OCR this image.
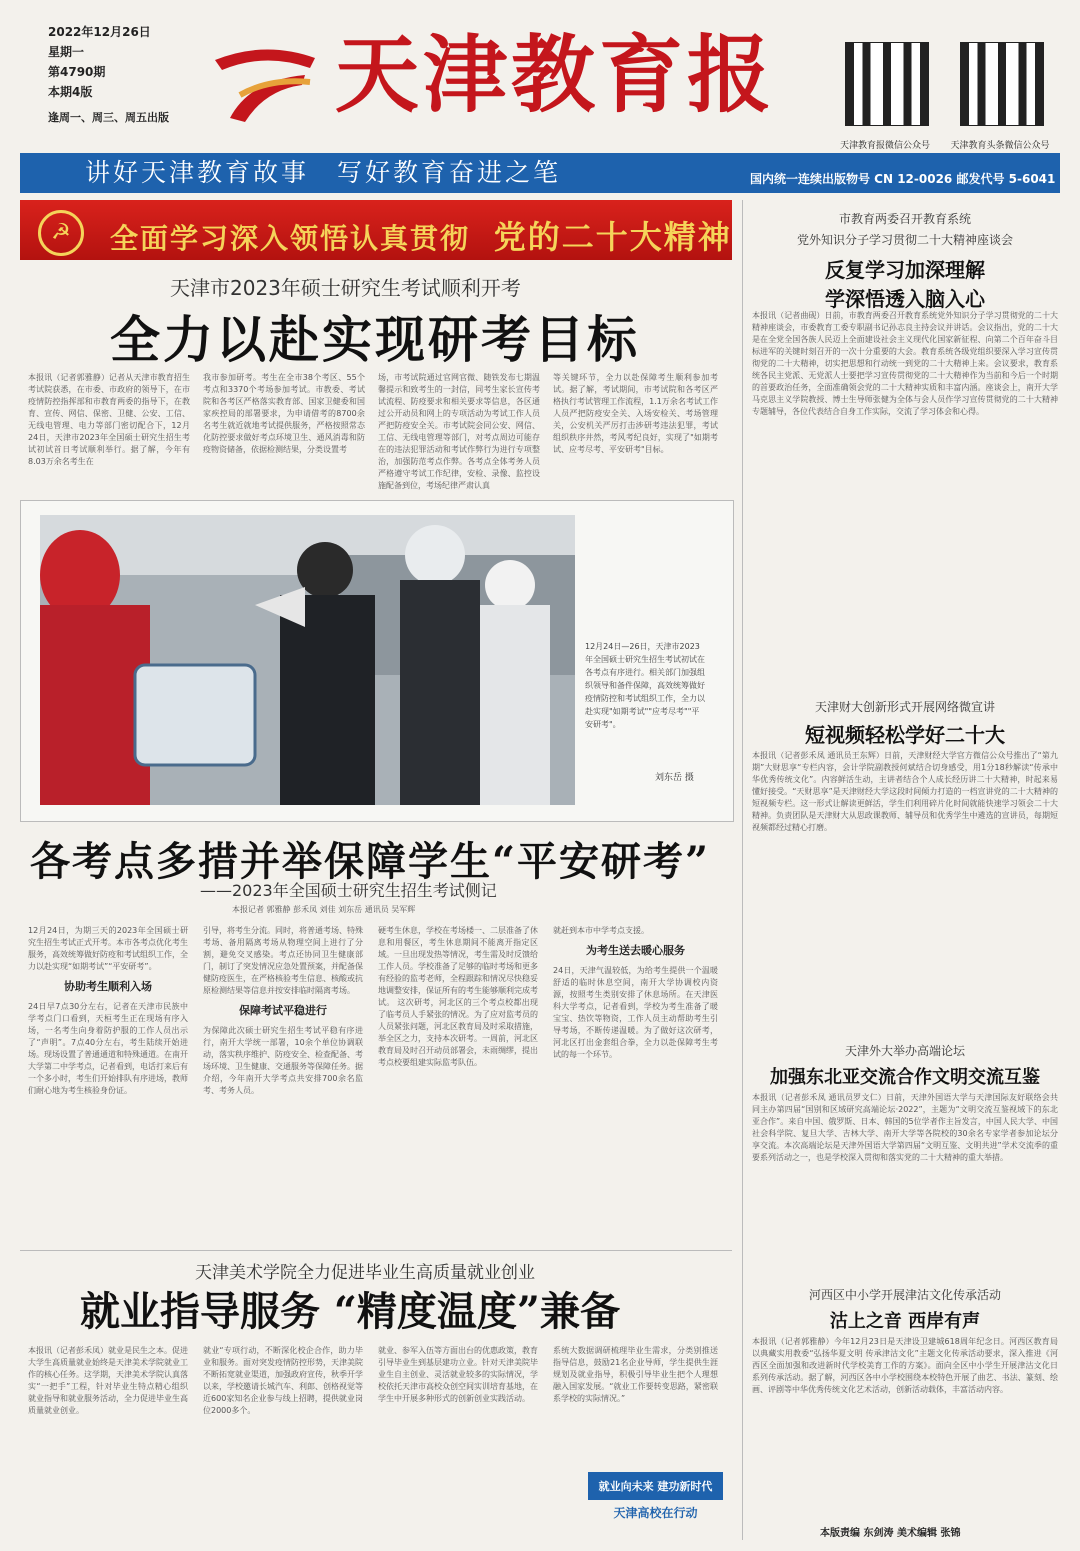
2022年12月26日
星期一
第4790期
本期4版
逢周一、周三、周五出版	天津教育报
天津教育报微信公众号	天津教育头条微信公众号
讲好天津教育故事　写好教育奋进之笔	国内统一连续出版物号 CN 12-0026 邮发代号 5-6041
☭	全面学习深入领悟认真贯彻 党的二十大精神
天津市2023年硕士研究生考试顺利开考
全力以赴实现研考目标
本报讯（记者郭雅静）记者从天津市教育招生考试院获悉，在市委、市政府的领导下，在市疫情防控指挥部和市教育两委的指导下，在教育、宣传、网信、保密、卫健、公安、工信、无线电管理、电力等部门密切配合下，12月24日，天津市2023年全国硕士研究生招生考试初试首日考试顺利举行。据了解，今年有8.03万余名考生在
我市参加研考。考生在全市38个考区、55个考点和3370个考场参加考试。市教委、考试院和各考区严格落实教育部、国家卫健委和国家疾控局的部署要求，为申请借考的8700余名考生就近就地考试提供服务，严格按照常态化防控要求做好考点环境卫生、通风消毒和防疫物资储备，依据检测结果，分类设置考
场，市考试院通过官网官微、随铁发布七期温馨提示和致考生的一封信，同考生家长宣传考试流程、防疫要求和相关要求等信息，各区通过公开动员和网上的专项活动为考试工作人员严把防疫安全关。市考试院会同公安、网信、工信、无线电管理等部门，对考点周边可能存在的违法犯罪活动和考试作弊行为进行专项整治，加强防范考点作弊。各考点全体考务人员严格遵守考试工作纪律，安检、录像、监控设施配备到位，考场纪律严肃认真
等关键环节，全力以赴保障考生顺利参加考试。据了解，考试期间，市考试院和各考区严格执行考试管理工作流程，1.1万余名考试工作人员严把防疫安全关、入场安检关、考场管理关，公安机关严厉打击涉研考违法犯罪，考试组织秩序井然，考风考纪良好，实现了"如期考试、应考尽考、平安研考"目标。
12月24日—26日，天津市2023年全国硕士研究生招生考试初试在各考点有序进行。相关部门加强组织领导和备件保障，高效统筹做好疫情防控和考试组织工作，全力以赴实现"如期考试""应考尽考""平安研考"。
刘东岳 摄
各考点多措并举保障学生“平安研考”
——2023年全国硕士研究生招生考试侧记
本报记者 郭雅静 彭禾凤 刘佳 刘东岳 通讯员 吴军辉
12月24日，为期三天的2023年全国硕士研究生招生考试正式开考。本市各考点优化考生服务，高效统筹做好防疫和考试组织工作，全力以赴实现“如期考试”“平安研考”。
协助考生顺利入场
24日早7点30分左右，记者在天津市民族中学考点门口看到，天桓考生正在现场有序入场，一名考生向身着防护服的工作人员出示了“声明”。7点40分左右，考生陆续开始进场。现场设置了普通通道和特殊通道。在南开大学第二中学考点，记者看到，电话打来后有一个多小时，考生们开始排队有序进场，教师们耐心地为考生核验身份证。
引导，将考生分流。同时，将普通考场、特殊考场、备用隔离考场从物理空间上进行了分割，避免交叉感染。考点还协同卫生健康部门，制订了突发情况应急处置预案，并配备保健防疫医生，在严格核验考生信息、核酸或抗原检测结果等信息并按安排临时隔离考场。
保障考试平稳进行
为保障此次硕士研究生招生考试平稳有序进行，南开大学统一部署，10余个单位协调联动，落实秩序维护、防疫安全、检查配备、考场环境、卫生健康、交通服务等保障任务。据介绍，今年南开大学考点共安排700余名监考、考务人员。
硬考生休息，学校在考场楼一、二层准备了休息和用餐区，考生休息期间不能离开指定区域。一旦出现发热等情况，考生需及时反馈给工作人员。学校准备了足够的临时考场和更多有经验的监考老师，全程跟踪和情况尽快稳妥地调整安排，保证所有的考生能够顺利完成考试。 这次研考，河北区的三个考点校都出现了临考员人手紧张的情况。为了应对监考员的人员紧张问题，河北区教育局及时采取措施，举全区之力，支持本次研考。一周前，河北区教育局及时召开动员部署会，未雨绸缪，提出考点校要组建实际监考队伍。
就赶到本市中学考点支援。
为考生送去暖心服务
24日，天津气温较低，为给考生提供一个温暖舒适的临时休息空间，南开大学协调校内资源，按照考生类别安排了休息场所。在天津医科大学考点，记者看到，学校为考生准备了暖宝宝、热饮等物资，工作人员主动帮助考生引导考场，不断传递温暖。为了做好这次研考，河北区打出金套组合拳，全力以赴保障考生考试的每一个环节。
天津美术学院全力促进毕业生高质量就业创业
就业指导服务 “精度温度”兼备
本报讯（记者彭禾凤）就业是民生之本。促进大学生高质量就业始终是天津美术学院就业工作的核心任务。这学期，天津美术学院认真落实“一把手”工程，针对毕业生特点精心组织就业指导和就业服务活动，全力促进毕业生高质量就业创业。
就业“专项行动，不断深化校企合作，助力毕业和服务。面对突发疫情防控形势，天津美院不断拓宽就业渠道，加强政府宣传，秋季开学以来，学校邀请长城汽车、利郎、创格视觉等近600家知名企业参与线上招聘，提供就业岗位2000多个。
就业、参军入伍等方面出台的优惠政策，教育引导毕业生到基层建功立业。针对天津美院毕业生自主创业、灵活就业较多的实际情况，学校依托天津市高校众创空间实训培育基地，在学生中开展多种形式的创新创业实践活动。
系统大数据调研梳理毕业生需求，分类别推送指导信息，鼓励21名企业导师，学生提供生涯规划及就业指导，积极引导毕业生把个人理想融入国家发展。“就业工作要转变思路，紧密联系学校的实际情况。”
就业向未来 建功新时代
天津高校在行动
市教育两委召开教育系统
党外知识分子学习贯彻二十大精神座谈会
反复学习加深理解
学深悟透入脑入心
本报讯（记者曲砚）日前，市教育两委召开教育系统党外知识分子学习贯彻党的二十大精神座谈会，市委教育工委专职副书记孙志良主持会议并讲话。会议指出，党的二十大是在全党全国各族人民迈上全面建设社会主义现代化国家新征程、向第二个百年奋斗目标进军的关键时刻召开的一次十分重要的大会。教育系统各级党组织要深入学习宣传贯彻党的二十大精神，切实把思想和行动统一到党的二十大精神上来。会议要求，教育系统各民主党派、无党派人士要把学习宣传贯彻党的二十大精神作为当前和今后一个时期的首要政治任务，全面准确领会党的二十大精神实质和丰富内涵。座谈会上，南开大学马克思主义学院教授、博士生导师张健为全体与会人员作学习宣传贯彻党的二十大精神专题辅导，各位代表结合自身工作实际，交流了学习体会和心得。
天津财大创新形式开展网络微宣讲
短视频轻松学好二十大
本报讯（记者彭禾凤 通讯员王东辉）日前，天津财经大学官方微信公众号推出了“第九期”大财思享“专栏内容，会计学院副教授何斌结合切身感受，用1分18秒解读“传承中华优秀传统文化”。内容鲜活生动，主讲者结合个人成长经历讲二十大精神，时起来易懂好接受。“天财思享”是天津财经大学这段时间倾力打造的一档宣讲党的二十大精神的短视频专栏。这一形式让解读更鲜活，学生们利用碎片化时间就能快速学习领会二十大精神。负责团队是天津财大从思政课教师、辅导员和优秀学生中遴选的宣讲员，每期短视频都经过精心打磨。
天津外大举办高端论坛
加强东北亚交流合作文明交流互鉴
本报讯（记者彭禾凤 通讯员罗文仁）日前，天津外国语大学与天津国际友好联络会共同主办第四届“国别和区域研究高端论坛·2022”，主题为“文明交流互鉴视域下的东北亚合作”。来自中国、俄罗斯、日本、韩国的5位学者作主旨发言，中国人民大学、中国社会科学院、复旦大学、吉林大学、南开大学等各院校的30余名专家学者参加论坛分享交流。本次高端论坛是天津外国语大学第四届“文明互鉴、文明共进”学术交流季的重要系列活动之一，也是学校深入贯彻和落实党的二十大精神的重大举措。
河西区中小学开展津沽文化传承活动
沽上之音 西岸有声
本报讯（记者郭雅静）今年12月23日是天津设卫建城618周年纪念日。河西区教育局以典藏实用教委“弘扬华夏文明 传承津沽文化”主题文化传承活动要求，深入推进《河西区全面加强和改进新时代学校美育工作的方案》。面向全区中小学生开展津沽文化日系列传承活动。据了解，河西区各中小学校围绕本校特色开展了曲艺、书法、篆刻、绘画、评剧等中华优秀传统文化艺术活动，创新活动载体，丰富活动内容。
本版责编 东剑涛 美术编辑 张锦
